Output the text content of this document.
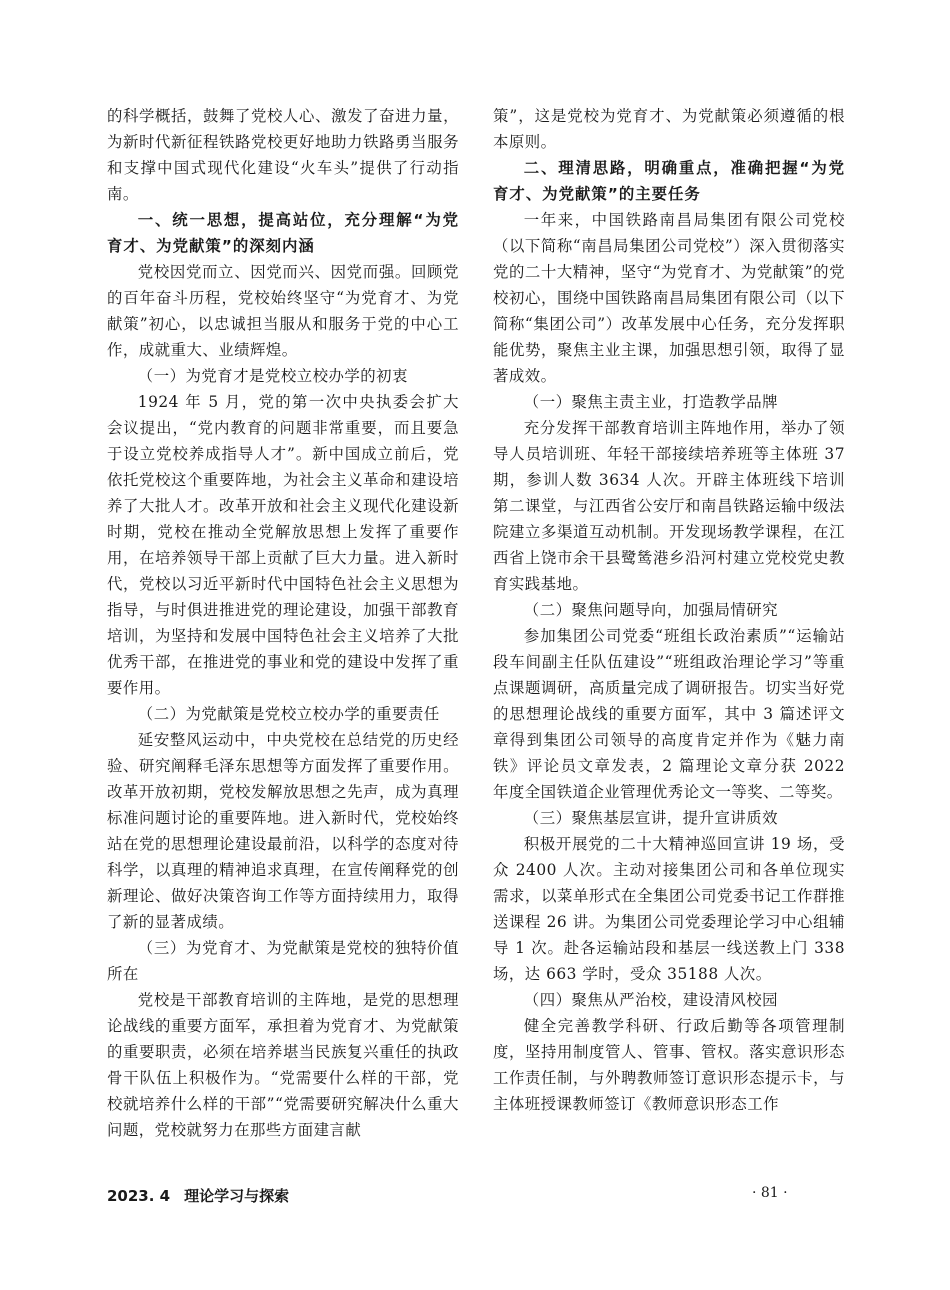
的科学概括，鼓舞了党校人心、激发了奋进力量，为新时代新征程铁路党校更好地助力铁路勇当服务和支撑中国式现代化建设“火车头”提供了行动指南。

一、统一思想，提高站位，充分理解“为党育才、为党献策”的深刻内涵

党校因党而立、因党而兴、因党而强。回顾党的百年奋斗历程，党校始终坚守“为党育才、为党献策”初心，以忠诚担当服从和服务于党的中心工作，成就重大、业绩辉煌。

（一）为党育才是党校立校办学的初衷

1924 年 5 月，党的第一次中央执委会扩大会议提出，“党内教育的问题非常重要，而且要急于设立党校养成指导人才”。新中国成立前后，党依托党校这个重要阵地，为社会主义革命和建设培养了大批人才。改革开放和社会主义现代化建设新时期，党校在推动全党解放思想上发挥了重要作用，在培养领导干部上贡献了巨大力量。进入新时代，党校以习近平新时代中国特色社会主义思想为指导，与时俱进推进党的理论建设，加强干部教育培训，为坚持和发展中国特色社会主义培养了大批优秀干部，在推进党的事业和党的建设中发挥了重要作用。

（二）为党献策是党校立校办学的重要责任

延安整风运动中，中央党校在总结党的历史经验、研究阐释毛泽东思想等方面发挥了重要作用。改革开放初期，党校发解放思想之先声，成为真理标准问题讨论的重要阵地。进入新时代，党校始终站在党的思想理论建设最前沿，以科学的态度对待科学，以真理的精神追求真理，在宣传阐释党的创新理论、做好决策咨询工作等方面持续用力，取得了新的显著成绩。

（三）为党育才、为党献策是党校的独特价值所在

党校是干部教育培训的主阵地，是党的思想理论战线的重要方面军，承担着为党育才、为党献策的重要职责，必须在培养堪当民族复兴重任的执政骨干队伍上积极作为。“党需要什么样的干部，党校就培养什么样的干部”“党需要研究解决什么重大问题，党校就努力在那些方面建言献

策”，这是党校为党育才、为党献策必须遵循的根本原则。

二、理清思路，明确重点，准确把握“为党育才、为党献策”的主要任务

一年来，中国铁路南昌局集团有限公司党校（以下简称“南昌局集团公司党校”）深入贯彻落实党的二十大精神，坚守“为党育才、为党献策”的党校初心，围绕中国铁路南昌局集团有限公司（以下简称“集团公司”）改革发展中心任务，充分发挥职能优势，聚焦主业主课，加强思想引领，取得了显著成效。

（一）聚焦主责主业，打造教学品牌

充分发挥干部教育培训主阵地作用，举办了领导人员培训班、年轻干部接续培养班等主体班 37 期，参训人数 3634 人次。开辟主体班线下培训第二课堂，与江西省公安厅和南昌铁路运输中级法院建立多渠道互动机制。开发现场教学课程，在江西省上饶市余干县鹭鸶港乡沿河村建立党校党史教育实践基地。

（二）聚焦问题导向，加强局情研究

参加集团公司党委“班组长政治素质”“运输站段车间副主任队伍建设”“班组政治理论学习”等重点课题调研，高质量完成了调研报告。切实当好党的思想理论战线的重要方面军，其中 3 篇述评文章得到集团公司领导的高度肯定并作为《魅力南铁》评论员文章发表，2 篇理论文章分获 2022 年度全国铁道企业管理优秀论文一等奖、二等奖。

（三）聚焦基层宣讲，提升宣讲质效

积极开展党的二十大精神巡回宣讲 19 场，受众 2400 人次。主动对接集团公司和各单位现实需求，以菜单形式在全集团公司党委书记工作群推送课程 26 讲。为集团公司党委理论学习中心组辅导 1 次。赴各运输站段和基层一线送教上门 338 场，达 663 学时，受众 35188 人次。

（四）聚焦从严治校，建设清风校园

健全完善教学科研、行政后勤等各项管理制度，坚持用制度管人、管事、管权。落实意识形态工作责任制，与外聘教师签订意识形态提示卡，与主体班授课教师签订《教师意识形态工作

2023. 4 理论学习与探索	· 81 ·
